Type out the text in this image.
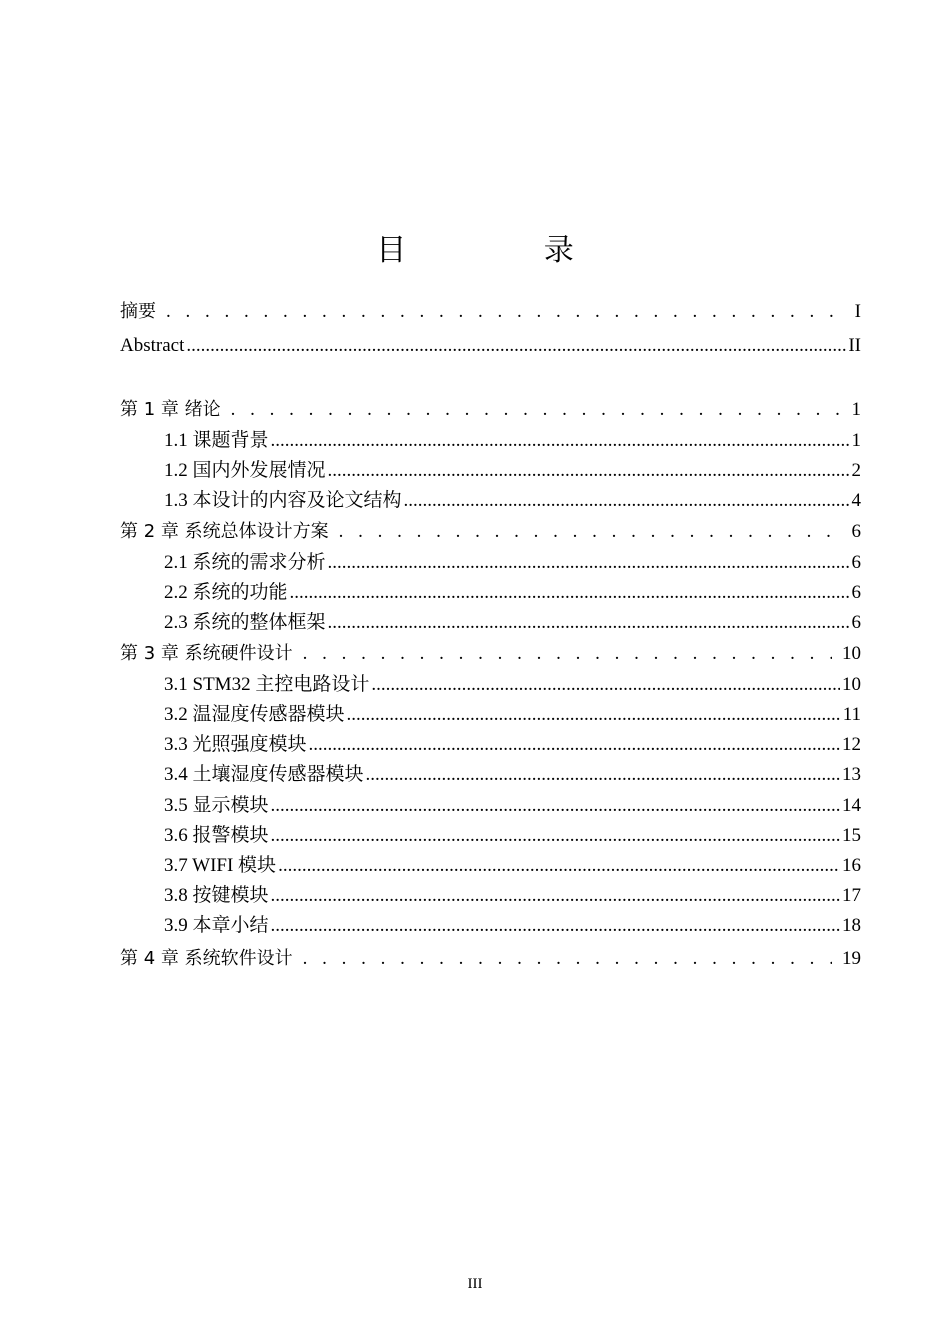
目 录
摘要 . . .	I
Abstract .....	II
第 1 章 绪论 . . .	1
1.1 课题背景 .....	1
1.2 国内外发展情况 .....	2
1.3 本设计的内容及论文结构 .....	4
第 2 章 系统总体设计方案 . . .	6
2.1 系统的需求分析 .....	6
2.2 系统的功能 .....	6
2.3 系统的整体框架 .....	6
第 3 章 系统硬件设计 . . .	10
3.1 STM32 主控电路设计 .....	10
3.2 温湿度传感器模块 .....	11
3.3 光照强度模块 .....	12
3.4 土壤湿度传感器模块 .....	13
3.5 显示模块 .....	14
3.6 报警模块 .....	15
3.7 WIFI 模块 .....	16
3.8 按键模块 .....	17
3.9 本章小结 .....	18
第 4 章 系统软件设计 . . .	19
III
